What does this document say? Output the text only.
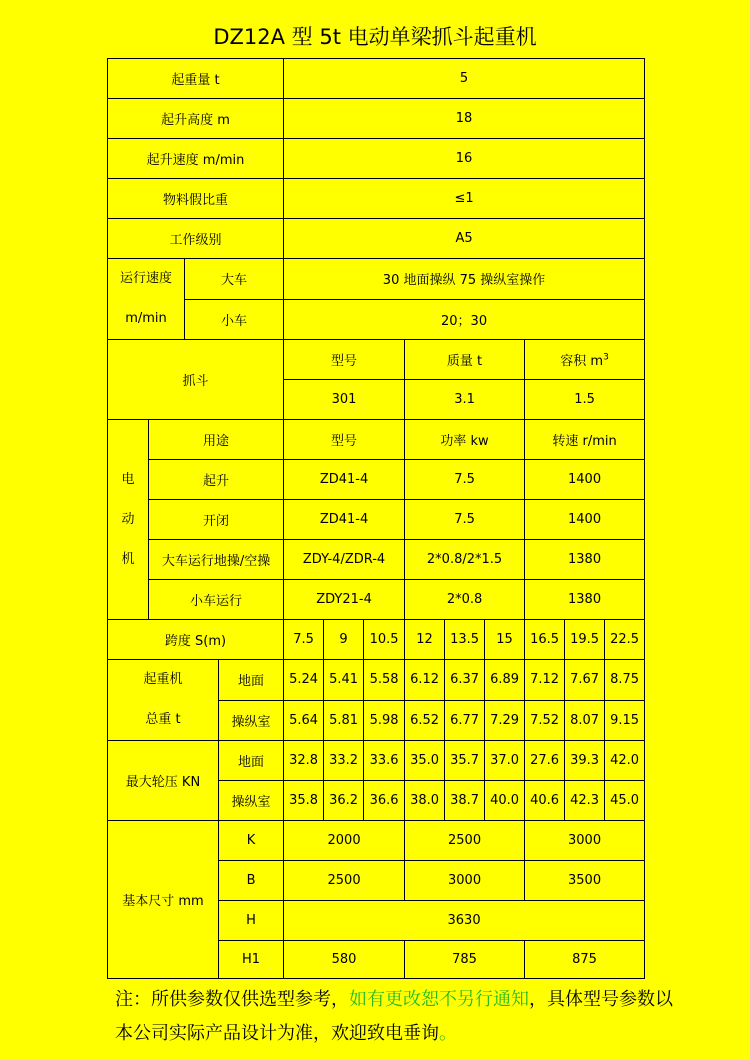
DZ12A 型 5t 电动单梁抓斗起重机
起重量 t				5								
起升高度 m				18								
起升速度 m/min				16								
物料假比重				≤1								
工作级别				A5								

运行速度
m/min		大车		30 地面操纵 75 操纵室操作								
		小车		20；30								
抓斗				型号			质量 t			容积 $m^3$
				301			3.1			1.5		

电
动
机	用途			型号			功率 kw			转速 r/min		
	起升			ZD41-4			7.5			1400		
	开闭			ZD41-4			7.5			1400		
	大车运行地操/空操			ZDY-4/ZDR-4			2*0.8/2*1.5			1380		
	小车运行			ZDY21-4			2*0.8			1380		
跨度 S(m)				7.5	9	10.5	12	13.5	15	16.5	19.5	22.5

起重机
总重 t			地面	5.24	5.41	5.58	6.12	6.37	6.89	7.12	7.67	8.75
			操纵室	5.64	5.81	5.98	6.52	6.77	7.29	7.52	8.07	9.15
最大轮压 KN			地面	32.8	33.2	33.6	35.0	35.7	37.0	27.6	39.3	42.0
			操纵室	35.8	36.2	36.6	38.0	38.7	40.0	40.6	42.3	45.0
基本尺寸 mm			K	2000			2500			3000		
			B	2500			3000			3500		
			H	3630								
			H1	580			785			875		
注：所供参数仅供选型参考，如有更改恕不另行通知，具体型号参数以本公司实际产品设计为准，欢迎致电垂询。
